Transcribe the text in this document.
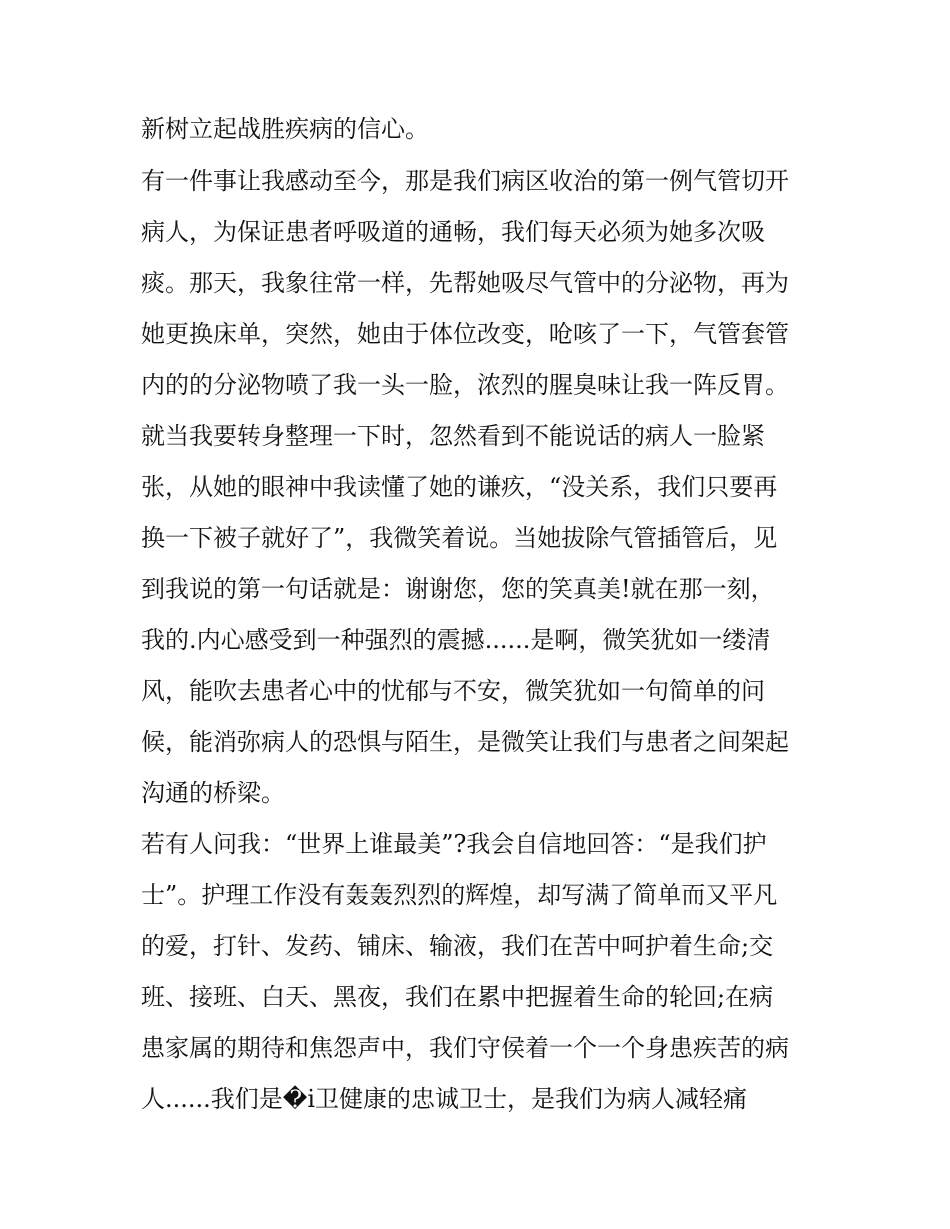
新树立起战胜疾病的信心。
有一件事让我感动至今，那是我们病区收治的第一例气管切开
病人，为保证患者呼吸道的通畅，我们每天必须为她多次吸
痰。那天，我象往常一样，先帮她吸尽气管中的分泌物，再为
她更换床单，突然，她由于体位改变，呛咳了一下，气管套管
内的的分泌物喷了我一头一脸，浓烈的腥臭味让我一阵反胃。
就当我要转身整理一下时，忽然看到不能说话的病人一脸紧
张，从她的眼神中我读懂了她的谦疚，“没关系，我们只要再
换一下被子就好了”，我微笑着说。当她拔除气管插管后，见
到我说的第一句话就是：谢谢您，您的笑真美!就在那一刻，
我的.内心感受到一种强烈的震撼......是啊，微笑犹如一缕清
风，能吹去患者心中的忧郁与不安，微笑犹如一句简单的问
候，能消弥病人的恐惧与陌生，是微笑让我们与患者之间架起
沟通的桥梁。
若有人问我：“世界上谁最美”?我会自信地回答：“是我们护
士”。护理工作没有轰轰烈烈的辉煌，却写满了简单而又平凡
的爱，打针、发药、铺床、输液，我们在苦中呵护着生命;交
班、接班、白天、黑夜，我们在累中把握着生命的轮回;在病
患家属的期待和焦怨声中，我们守侯着一个一个身患疾苦的病
人......我们是�i卫健康的忠诚卫士，是我们为病人减轻痛
